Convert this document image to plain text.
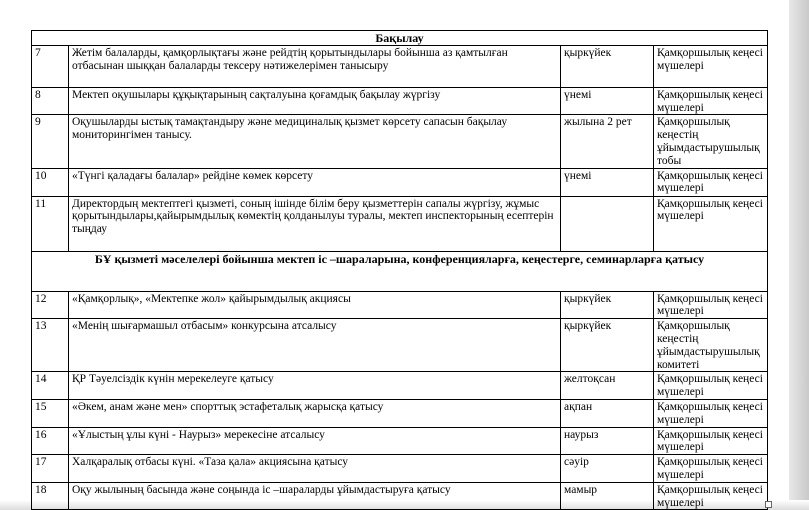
Бақылау			
7	Жетім балаларды, қамқорлықтағы және рейдтің қорытындылары бойынша аз қамтылған отбасынан шыққан балаларды тексеру нәтижелерімен танысыру	қыркүйек	Қамқоршылық кеңесі мүшелері
8	Мектеп оқушылары құқықтарының сақталуына қоғамдық бақылау жүргізу	үнемі	Қамқоршылық кеңесі мүшелері
9	Оқушыларды ыстық тамақтандыру және медициналық қызмет көрсету сапасын бақылау мониторингімен танысу.	жылына 2 рет	Қамқоршылық кеңестің ұйымдастырушылық тобы
10	«Түнгі қаладағы балалар» рейдіне көмек көрсету	үнемі	Қамқоршылық кеңесі мүшелері
11	Директордың мектептегі қызметі, соның ішінде білім беру қызметтерін сапалы жүргізу, жұмыс қорытындылары,қайырымдылық көмектің қолданылуы туралы, мектеп инспекторының есептерін тыңдау		Қамқоршылық кеңесі мүшелері
БҰ қызметі мәселелері бойынша мектеп іс –шараларына, конференцияларға, кеңестерге, семинарларға қатысу			
12	«Қамқорлық», «Мектепке жол» қайырымдылық акциясы	қыркүйек	Қамқоршылық кеңесі мүшелері
13	«Менің шығармашыл отбасым» конкурсына атсалысу	қыркүйек	Қамқоршылық кеңестің ұйымдастырушылық комитеті
14	ҚР Тәуелсіздік күнін мерекелеуге қатысу	желтоқсан	Қамқоршылық кеңесі мүшелері
15	«Әкем, анам және мен» спорттық эстафеталық жарысқа қатысу	ақпан	Қамқоршылық кеңесі мүшелері
16	«Ұлыстың ұлы күні - Наурыз» мерекесіне атсалысу	наурыз	Қамқоршылық кеңесі мүшелері
17	Халқаралық отбасы күні. «Таза қала» акциясына қатысу	сәуір	Қамқоршылық кеңесі мүшелері
18	Оқу жылының басында және соңында іс –шараларды ұйымдастыруға қатысу	мамыр	Қамқоршылық кеңесі мүшелері
